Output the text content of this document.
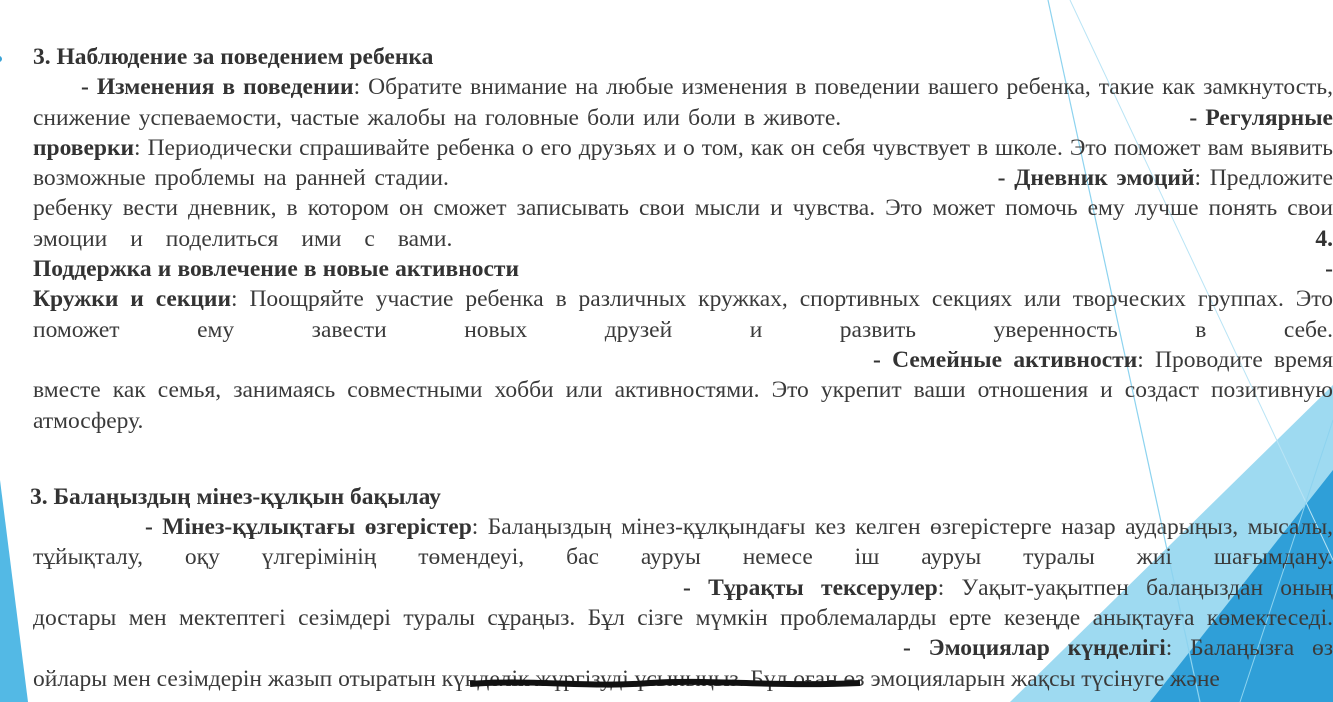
3. Наблюдение за поведением ребенка

- Изменения в поведении: Обратите внимание на любые изменения в поведении вашего ребенка, такие как замкнутость, снижение успеваемости, частые жалобы на головные боли или боли в животе.	- Регулярные проверки: Периодически спрашивайте ребенка о его друзьях и о том, как он себя чувствует в школе. Это поможет вам выявить возможные проблемы на ранней стадии.	- Дневник эмоций: Предложите ребенку вести дневник, в котором он сможет записывать свои мысли и чувства. Это может помочь ему лучше понять свои эмоции и поделиться ими с вами.	4. Поддержка и вовлечение в новые активности	- Кружки и секции: Поощряйте участие ребенка в различных кружках, спортивных секциях или творческих группах. Это поможет ему завести новых друзей и развить уверенность в себе. - Семейные активности: Проводите время вместе как семья, занимаясь совместными хобби или активностями. Это укрепит ваши отношения и создаст позитивную атмосферу.

3. Балаңыздың мінез-құлқын бақылау

- Мінез-құлықтағы өзгерістер: Балаңыздың мінез-құлқындағы кез келген өзгерістерге назар аударыңыз, мысалы, тұйықталу, оқу үлгерімінің төмендеуі, бас ауруы немесе іш ауруы туралы жиі шағымдану. - Тұрақты тексерулер: Уақыт-уақытпен балаңыздан оның достары мен мектептегі сезімдері туралы сұраңыз. Бұл сізге мүмкін проблемаларды ерте кезеңде анықтауға көмектеседі. - Эмоциялар күнделігі: Балаңызға өз ойлары мен сезімдерін жазып отыратын күнделік жүргізуді ұсыныңыз. Бұл оған өз эмоцияларын жақсы түсінуге және
